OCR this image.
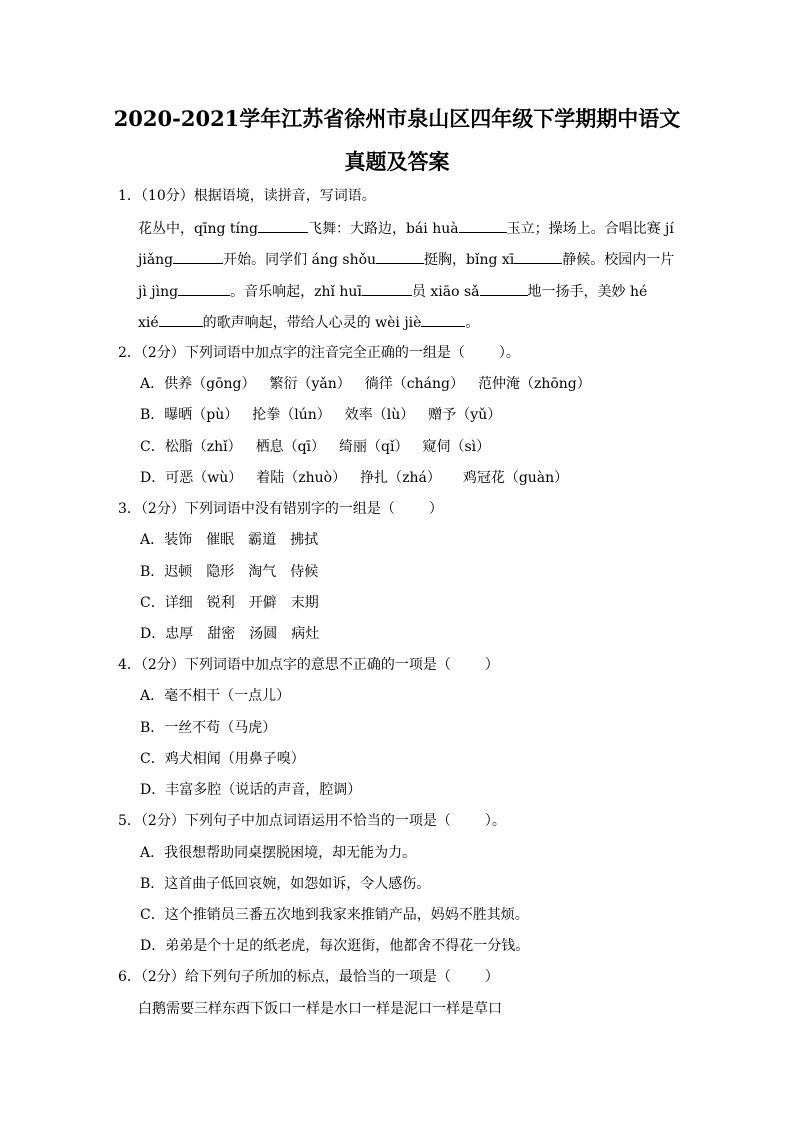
2020-2021学年江苏省徐州市泉山区四年级下学期期中语文
真题及答案
1．（10分）根据语境，读拼音，写词语。
花丛中，qīng tíng	飞舞：大路边，bái huà	玉立；操场上。合唱比赛 jí
jiǎng	开始。同学们 áng shǒu	挺胸，bǐng xī	静候。校园内一片
jì jìng	。音乐响起，zhǐ huī	员 xiāo sǎ	地一扬手，美妙 hé
xié	的歌声响起，带给人心灵的 wèi jiè	。
2．（2分）下列词语中加点字的注音完全正确的一组是（ ）。
A．供养（gōng） 繁衍（yǎn） 徜徉（cháng） 范仲淹（zhōng）
B．曝晒（pù） 抡拳（lún） 效率（lù） 赠予（yǔ）
C．松脂（zhǐ） 栖息（qī） 绮丽（qǐ） 窥伺（sì）
D．可恶（wù） 着陆（zhuò） 挣扎（zhá） 鸡冠花（guàn）
3．（2分）下列词语中没有错别字的一组是（ ）
A．装饰 催眠 霸道 拂拭
B．迟顿 隐形 淘气 侍候
C．详细 锐利 开僻 末期
D．忠厚 甜密 汤圆 病灶
4．（2分）下列词语中加点字的意思不正确的一项是（ ）
A．毫不相干（一点儿）
B．一丝不苟（马虎）
C．鸡犬相闻（用鼻子嗅）
D．丰富多腔（说话的声音，腔调）
5．（2分）下列句子中加点词语运用不恰当的一项是（ ）。
A．我很想帮助同桌摆脱困境，却无能为力。
B．这首曲子低回哀婉，如怨如诉，令人感伤。
C．这个推销员三番五次地到我家来推销产品，妈妈不胜其烦。
D．弟弟是个十足的纸老虎，每次逛街，他都舍不得花一分钱。
6．（2分）给下列句子所加的标点，最恰当的一项是（ ）
白鹅需要三样东西下饭口一样是水口一样是泥口一样是草口
